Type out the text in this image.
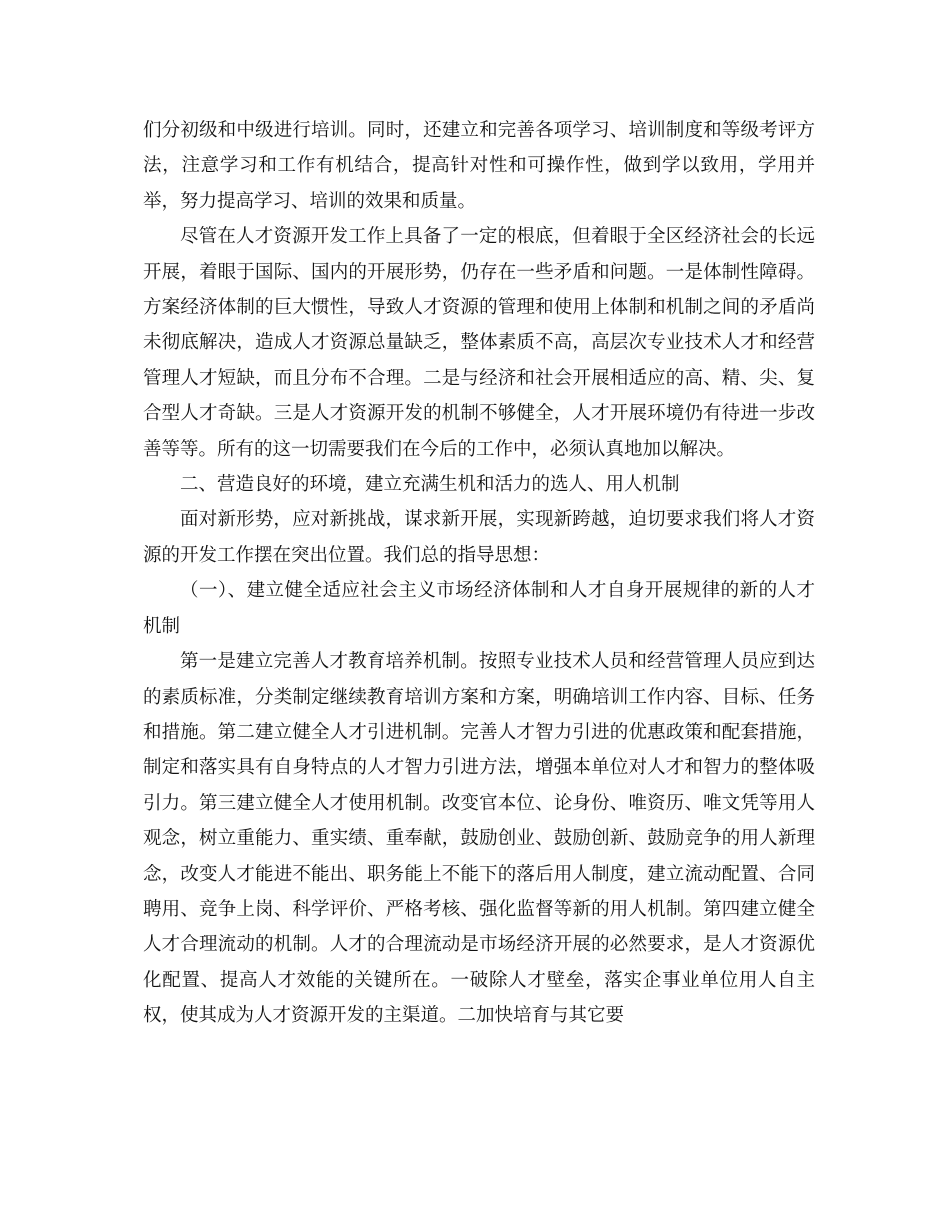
们分初级和中级进行培训。同时，还建立和完善各项学习、培训制度和等级考评方法，注意学习和工作有机结合，提高针对性和可操作性，做到学以致用，学用并举，努力提高学习、培训的效果和质量。

尽管在人才资源开发工作上具备了一定的根底，但着眼于全区经济社会的长远开展，着眼于国际、国内的开展形势，仍存在一些矛盾和问题。一是体制性障碍。方案经济体制的巨大惯性，导致人才资源的管理和使用上体制和机制之间的矛盾尚未彻底解决，造成人才资源总量缺乏，整体素质不高，高层次专业技术人才和经营管理人才短缺，而且分布不合理。二是与经济和社会开展相适应的高、精、尖、复合型人才奇缺。三是人才资源开发的机制不够健全，人才开展环境仍有待进一步改善等等。所有的这一切需要我们在今后的工作中，必须认真地加以解决。

二、营造良好的环境，建立充满生机和活力的选人、用人机制

面对新形势，应对新挑战，谋求新开展，实现新跨越，迫切要求我们将人才资源的开发工作摆在突出位置。我们总的指导思想：

（一）、建立健全适应社会主义市场经济体制和人才自身开展规律的新的人才机制

第一是建立完善人才教育培养机制。按照专业技术人员和经营管理人员应到达的素质标准，分类制定继续教育培训方案和方案，明确培训工作内容、目标、任务和措施。第二建立健全人才引进机制。完善人才智力引进的优惠政策和配套措施，制定和落实具有自身特点的人才智力引进方法，增强本单位对人才和智力的整体吸引力。第三建立健全人才使用机制。改变官本位、论身份、唯资历、唯文凭等用人观念，树立重能力、重实绩、重奉献，鼓励创业、鼓励创新、鼓励竞争的用人新理念，改变人才能进不能出、职务能上不能下的落后用人制度，建立流动配置、合同聘用、竞争上岗、科学评价、严格考核、强化监督等新的用人机制。第四建立健全人才合理流动的机制。人才的合理流动是市场经济开展的必然要求，是人才资源优化配置、提高人才效能的关键所在。一破除人才壁垒，落实企事业单位用人自主权，使其成为人才资源开发的主渠道。二加快培育与其它要
